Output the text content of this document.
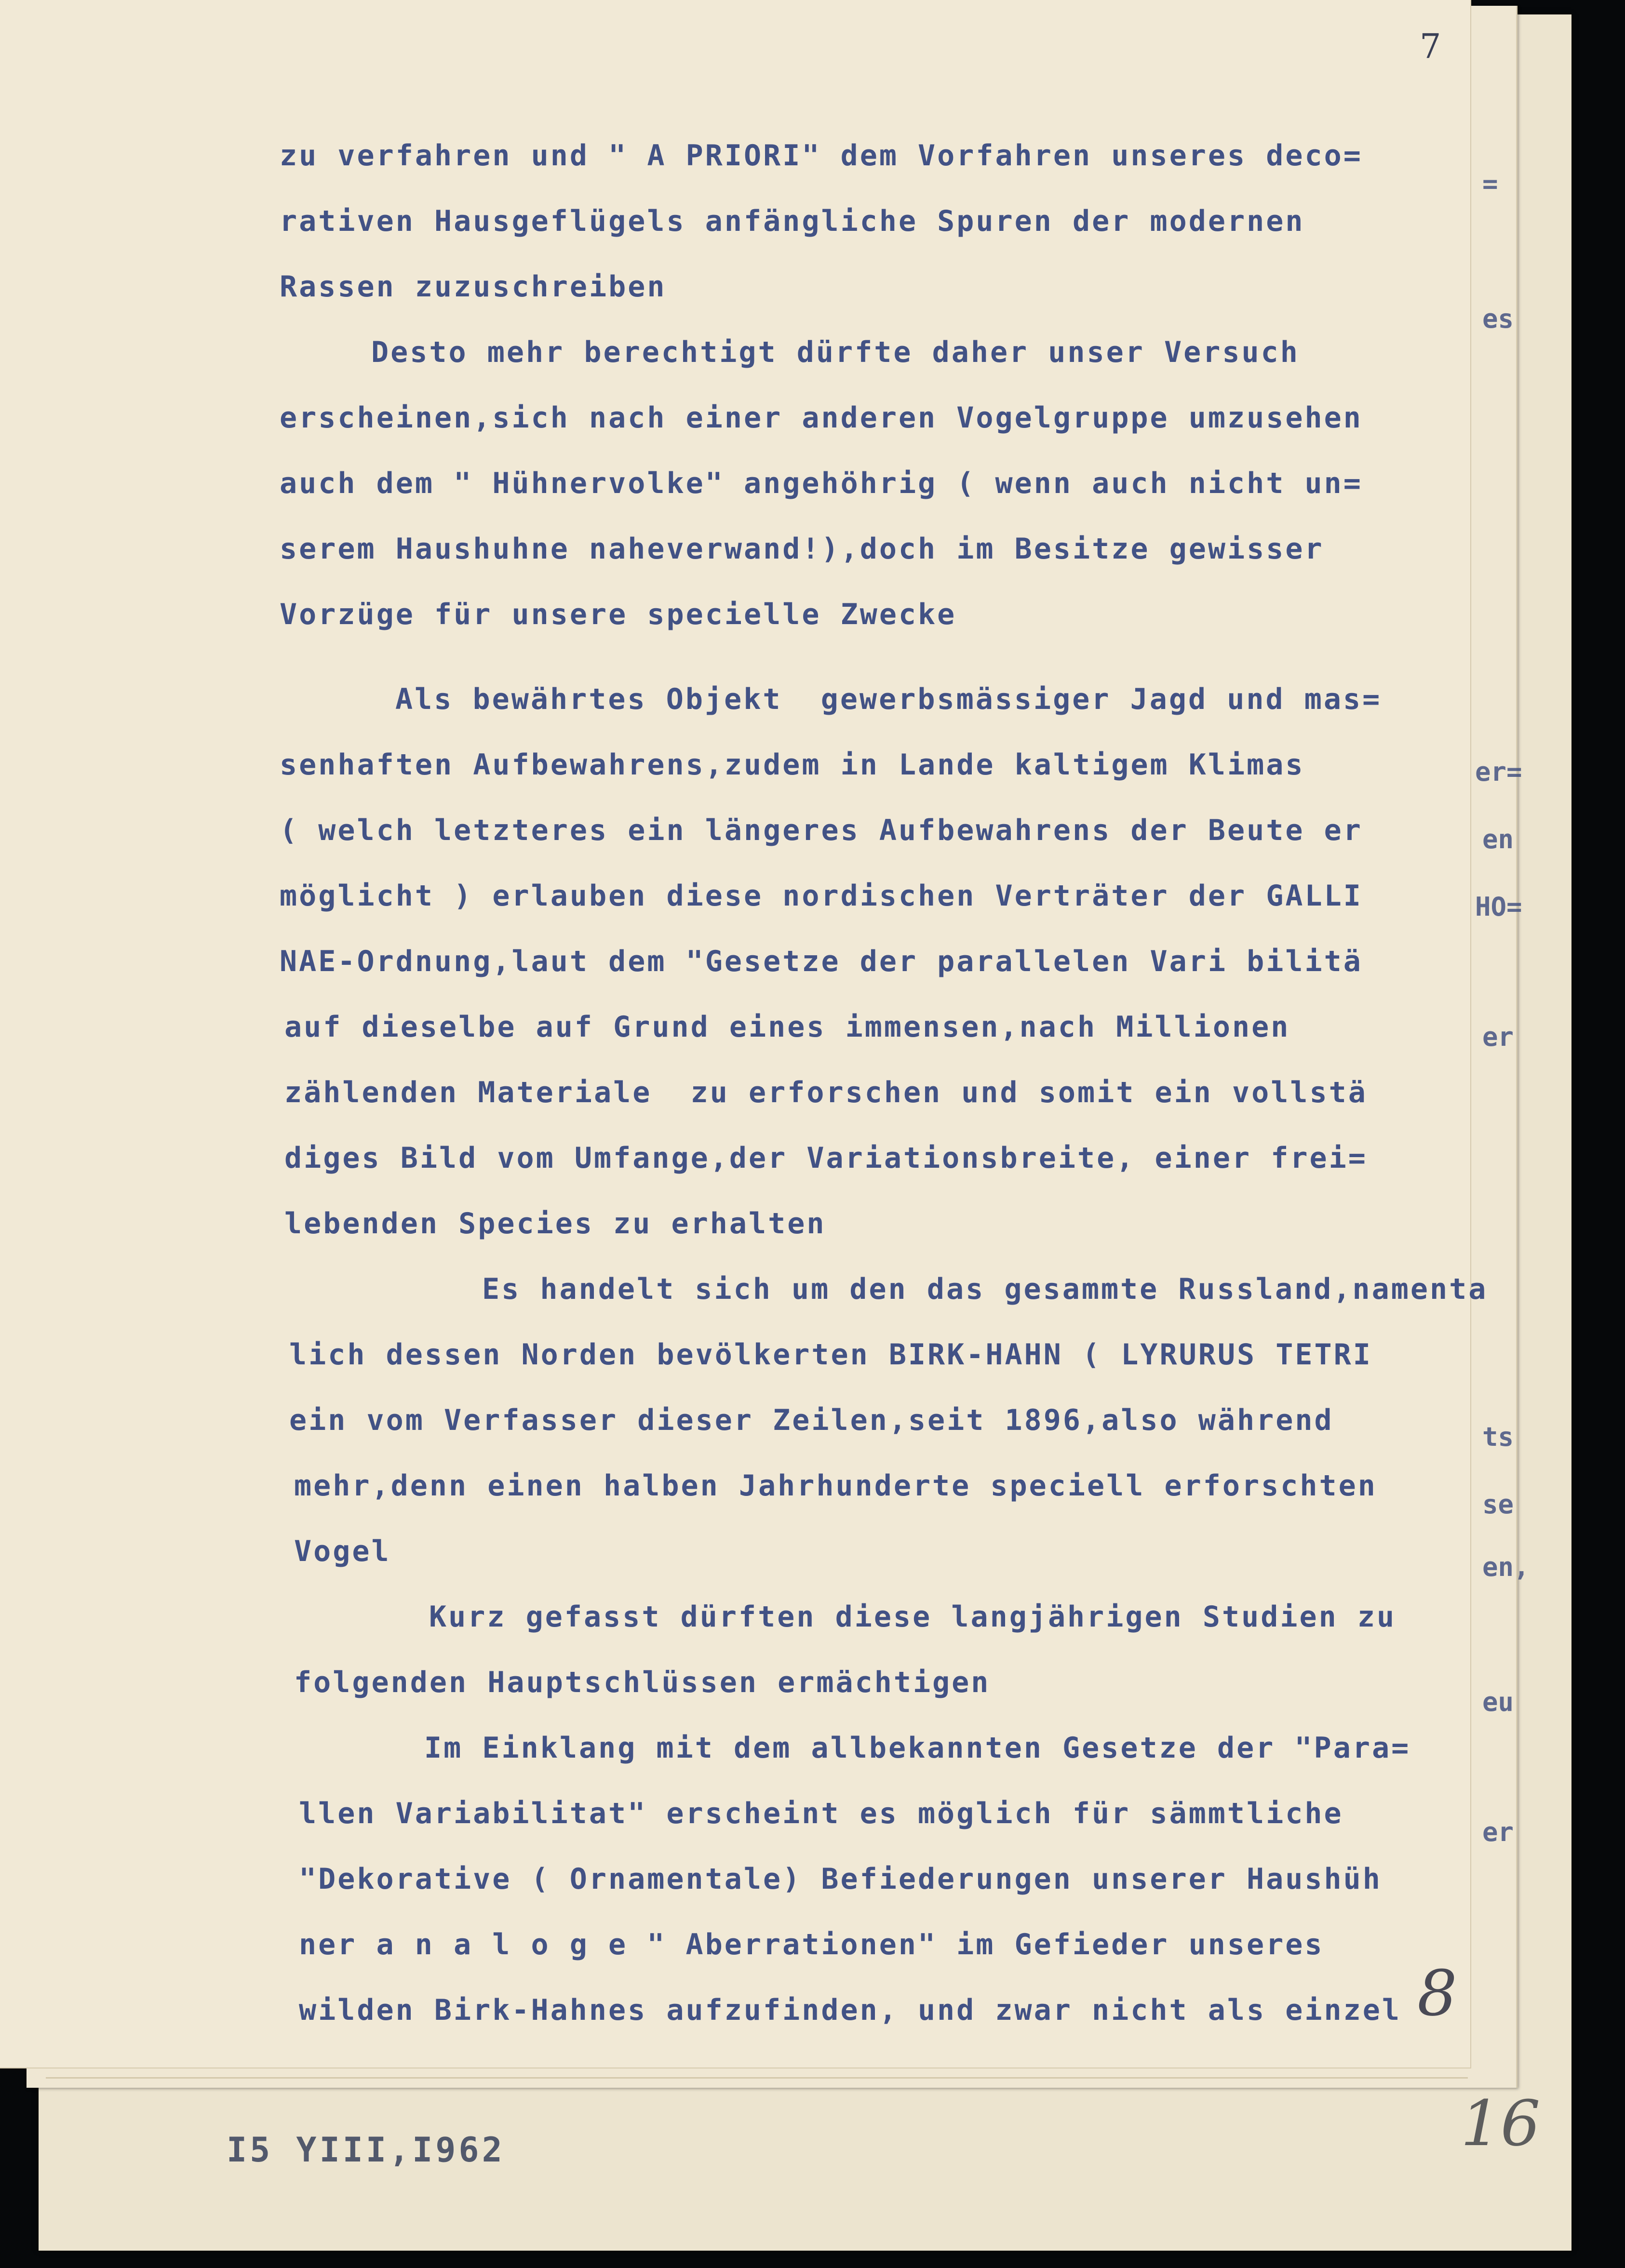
=
es
er=
en
HO=
er
ts
se
en,
eu
er
7
zu verfahren und " A PRIORI" dem Vorfahren unseres deco=
rativen Hausgeflügels anfängliche Spuren der modernen
Rassen zuzuschreiben
Desto mehr berechtigt dürfte daher unser Versuch
erscheinen,sich nach einer anderen Vogelgruppe umzusehen
auch dem " Hühnervolke" angehöhrig ( wenn auch nicht un=
serem Haushuhne naheverwand!),doch im Besitze gewisser
Vorzüge für unsere specielle Zwecke
Als bewährtes Objekt  gewerbsmässiger Jagd und mas=
senhaften Aufbewahrens,zudem in Lande kaltigem Klimas
( welch letzteres ein längeres Aufbewahrens der Beute er
möglicht ) erlauben diese nordischen Verträter der GALLI
NAE-Ordnung,laut dem "Gesetze der parallelen Vari bilitä
auf dieselbe auf Grund eines immensen,nach Millionen
zählenden Materiale  zu erforschen und somit ein vollstä
diges Bild vom Umfange,der Variationsbreite, einer frei=
lebenden Species zu erhalten
Es handelt sich um den das gesammte Russland,namenta
lich dessen Norden bevölkerten BIRK-HAHN ( LYRURUS TETRI
ein vom Verfasser dieser Zeilen,seit 1896,also während
mehr,denn einen halben Jahrhunderte speciell erforschten
Vogel
Kurz gefasst dürften diese langjährigen Studien zu
folgenden Hauptschlüssen ermächtigen
Im Einklang mit dem allbekannten Gesetze der "Para=
llen Variabilitat" erscheint es möglich für sämmtliche
"Dekorative ( Ornamentale) Befiederungen unserer Haushüh
ner a n a l o g e " Aberrationen" im Gefieder unseres
wilden Birk-Hahnes aufzufinden, und zwar nicht als einzel 8
I5 YIII,I962	16
